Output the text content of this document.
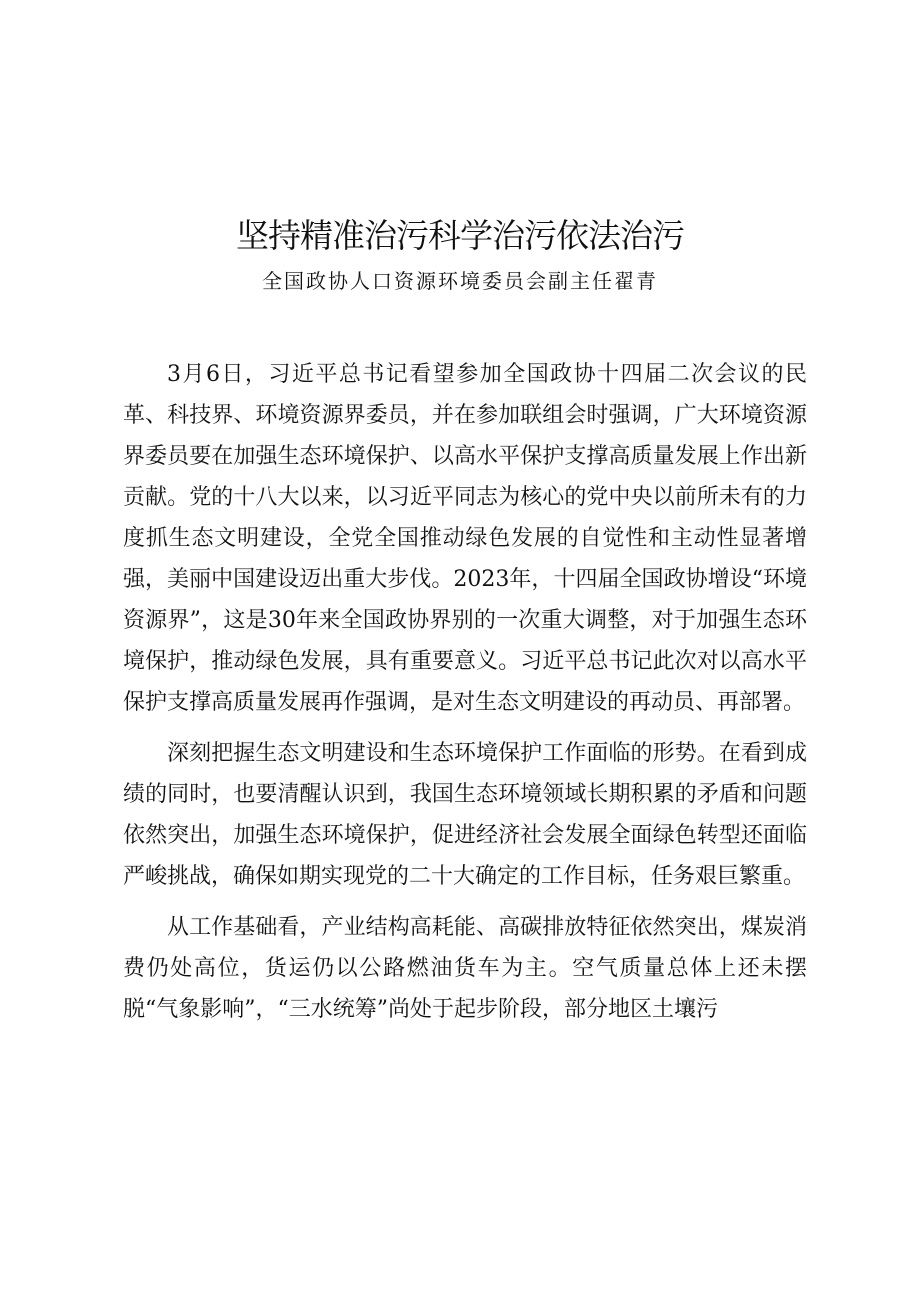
坚持精准治污科学治污依法治污

全国政协人口资源环境委员会副主任翟青

3月6日，习近平总书记看望参加全国政协十四届二次会议的民革、科技界、环境资源界委员，并在参加联组会时强调，广大环境资源界委员要在加强生态环境保护、以高水平保护支撑高质量发展上作出新贡献。党的十八大以来，以习近平同志为核心的党中央以前所未有的力度抓生态文明建设，全党全国推动绿色发展的自觉性和主动性显著增强，美丽中国建设迈出重大步伐。2023年，十四届全国政协增设“环境资源界”，这是30年来全国政协界别的一次重大调整，对于加强生态环境保护，推动绿色发展，具有重要意义。习近平总书记此次对以高水平保护支撑高质量发展再作强调，是对生态文明建设的再动员、再部署。

深刻把握生态文明建设和生态环境保护工作面临的形势。在看到成绩的同时，也要清醒认识到，我国生态环境领域长期积累的矛盾和问题依然突出，加强生态环境保护，促进经济社会发展全面绿色转型还面临严峻挑战，确保如期实现党的二十大确定的工作目标，任务艰巨繁重。

从工作基础看，产业结构高耗能、高碳排放特征依然突出，煤炭消费仍处高位，货运仍以公路燃油货车为主。空气质量总体上还未摆脱“气象影响”，“三水统筹”尚处于起步阶段，部分地区土壤污
